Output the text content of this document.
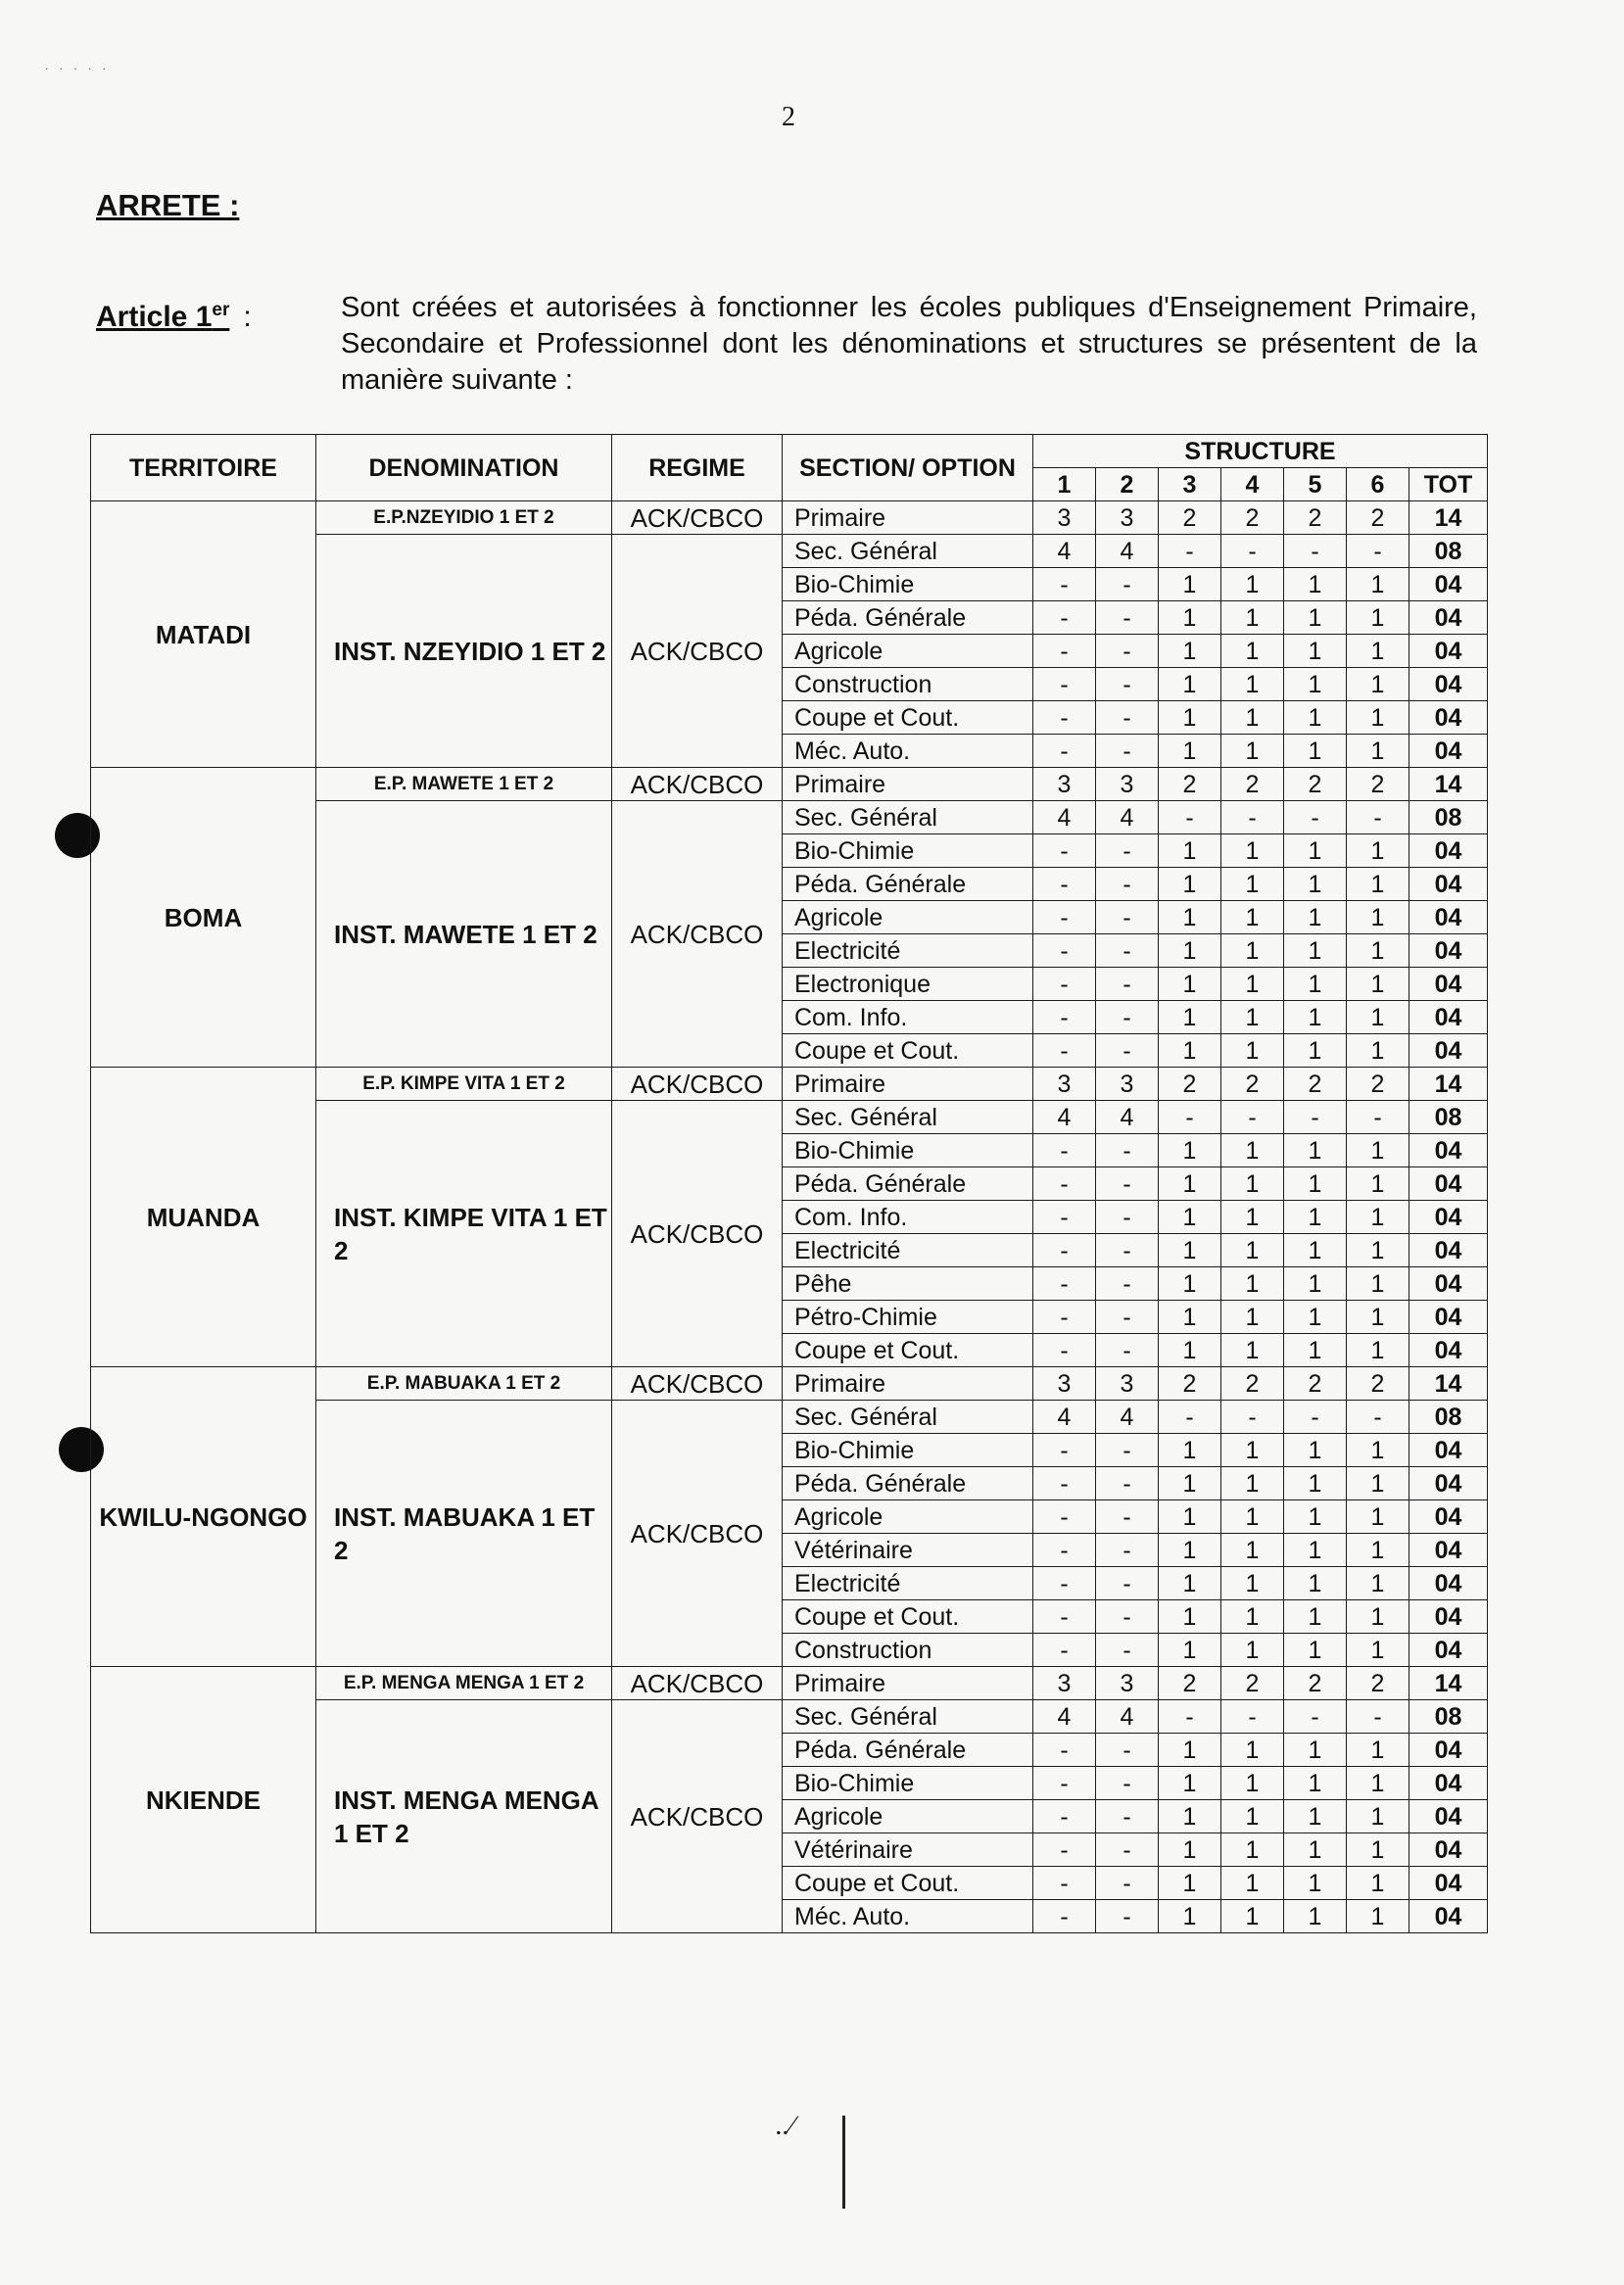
. . . . .
2
ARRETE :
Article 1er :	Sont créées et autorisées à fonctionner les écoles publiques d'Enseignement Primaire, Secondaire et Professionnel dont les dénominations et structures se présentent de la manière suivante :
TERRITOIRE	DENOMINATION	REGIME	SECTION/ OPTION	STRUCTURE						
				1	2	3	4	5	6	TOT
MATADI	E.P.NZEYIDIO 1 ET 2	ACK/CBCO	Primaire	3	3	2	2	2	2	14
	INST. NZEYIDIO 1 ET 2	ACK/CBCO	Sec. Général	4	4	-	-	-	-	08
			Bio-Chimie	-	-	1	1	1	1	04
			Péda. Générale	-	-	1	1	1	1	04
			Agricole	-	-	1	1	1	1	04
			Construction	-	-	1	1	1	1	04
			Coupe et Cout.	-	-	1	1	1	1	04
			Méc. Auto.	-	-	1	1	1	1	04
BOMA	E.P. MAWETE 1 ET 2	ACK/CBCO	Primaire	3	3	2	2	2	2	14
	INST. MAWETE 1 ET 2	ACK/CBCO	Sec. Général	4	4	-	-	-	-	08
			Bio-Chimie	-	-	1	1	1	1	04
			Péda. Générale	-	-	1	1	1	1	04
			Agricole	-	-	1	1	1	1	04
			Electricité	-	-	1	1	1	1	04
			Electronique	-	-	1	1	1	1	04
			Com. Info.	-	-	1	1	1	1	04
			Coupe et Cout.	-	-	1	1	1	1	04
MUANDA	E.P. KIMPE VITA 1 ET 2	ACK/CBCO	Primaire	3	3	2	2	2	2	14
	INST. KIMPE VITA 1 ET 2	ACK/CBCO	Sec. Général	4	4	-	-	-	-	08
			Bio-Chimie	-	-	1	1	1	1	04
			Péda. Générale	-	-	1	1	1	1	04
			Com. Info.	-	-	1	1	1	1	04
			Electricité	-	-	1	1	1	1	04
			Pêhe	-	-	1	1	1	1	04
			Pétro-Chimie	-	-	1	1	1	1	04
			Coupe et Cout.	-	-	1	1	1	1	04
KWILU-NGONGO	E.P. MABUAKA 1 ET 2	ACK/CBCO	Primaire	3	3	2	2	2	2	14
	INST. MABUAKA 1 ET 2	ACK/CBCO	Sec. Général	4	4	-	-	-	-	08
			Bio-Chimie	-	-	1	1	1	1	04
			Péda. Générale	-	-	1	1	1	1	04
			Agricole	-	-	1	1	1	1	04
			Vétérinaire	-	-	1	1	1	1	04
			Electricité	-	-	1	1	1	1	04
			Coupe et Cout.	-	-	1	1	1	1	04
			Construction	-	-	1	1	1	1	04
NKIENDE	E.P. MENGA MENGA 1 ET 2	ACK/CBCO	Primaire	3	3	2	2	2	2	14
	INST. MENGA MENGA 1 ET 2	ACK/CBCO	Sec. Général	4	4	-	-	-	-	08
			Péda. Générale	-	-	1	1	1	1	04
			Bio-Chimie	-	-	1	1	1	1	04
			Agricole	-	-	1	1	1	1	04
			Vétérinaire	-	-	1	1	1	1	04
			Coupe et Cout.	-	-	1	1	1	1	04
			Méc. Auto.	-	-	1	1	1	1	04
..∕
